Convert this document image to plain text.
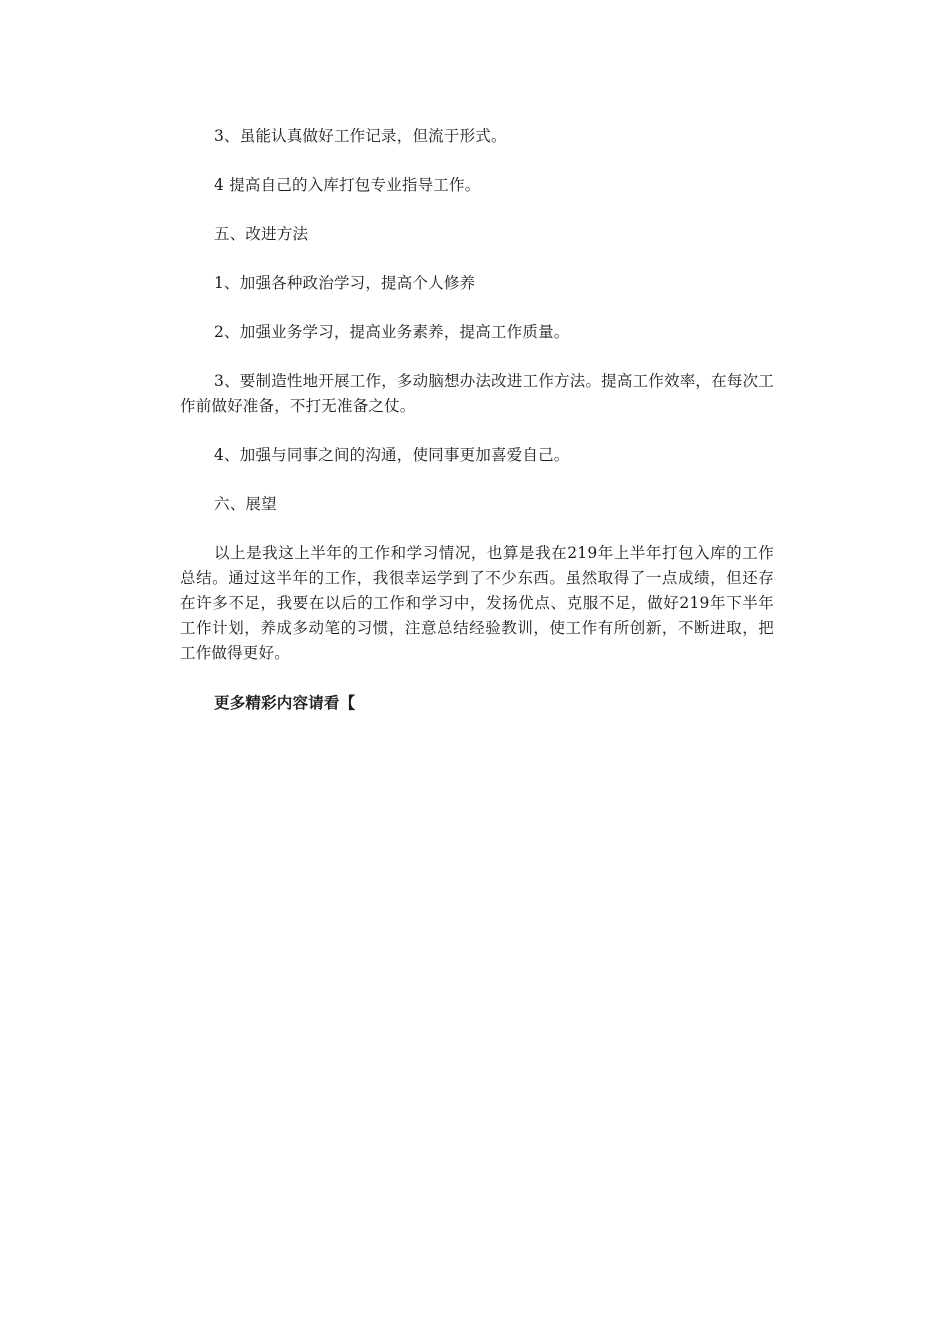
3、虽能认真做好工作记录，但流于形式。

4 提高自己的入库打包专业指导工作。

五、改进方法

1、加强各种政治学习，提高个人修养

2、加强业务学习，提高业务素养，提高工作质量。

3、要制造性地开展工作，多动脑想办法改进工作方法。提高工作效率，在每次工作前做好准备，不打无准备之仗。

4、加强与同事之间的沟通，使同事更加喜爱自己。

六、展望

以上是我这上半年的工作和学习情况，也算是我在219年上半年打包入库的工作总结。通过这半年的工作，我很幸运学到了不少东西。虽然取得了一点成绩，但还存在许多不足，我要在以后的工作和学习中，发扬优点、克服不足，做好219年下半年工作计划，养成多动笔的习惯，注意总结经验教训，使工作有所创新，不断进取，把工作做得更好。

更多精彩内容请看【
